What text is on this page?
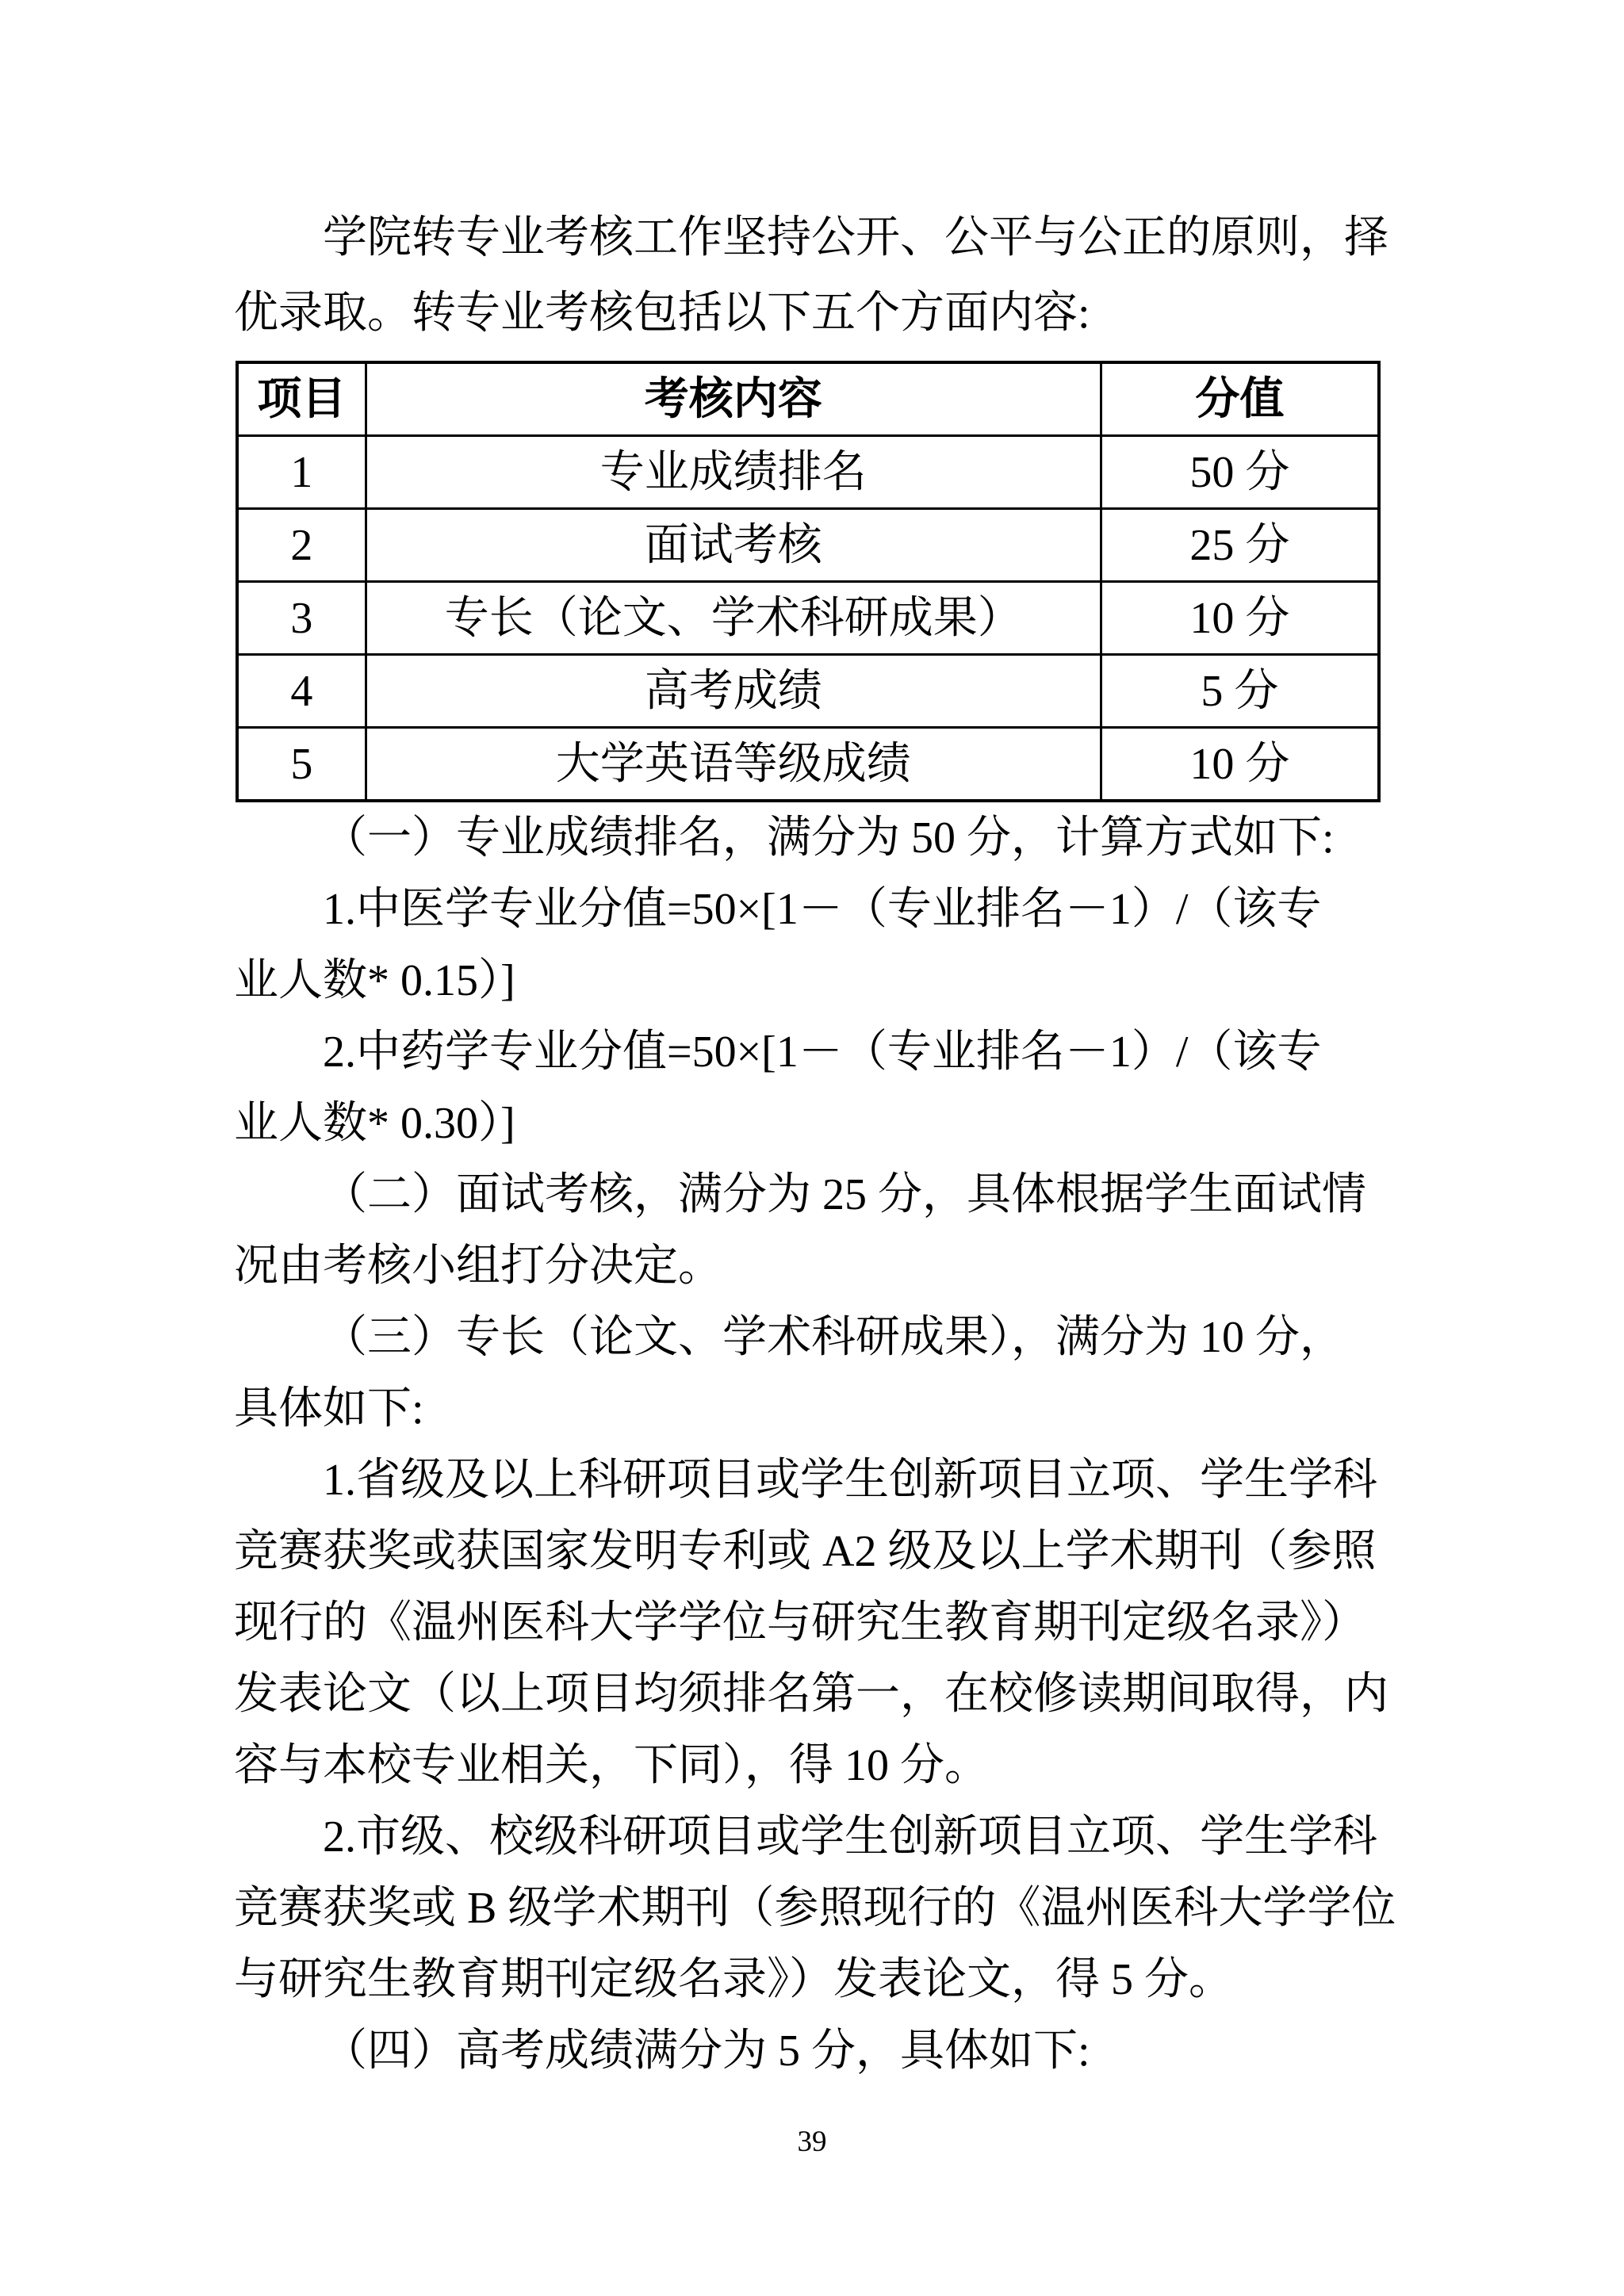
学院转专业考核工作坚持公开、公平与公正的原则，择
优录取。转专业考核包括以下五个方面内容:
项目	考核内容	分值
1	专业成绩排名	50 分
2	面试考核	25 分
3	专长（论文、学术科研成果）	10 分
4	高考成绩	5 分
5	大学英语等级成绩	10 分
（一）专业成绩排名，满分为 50 分，计算方式如下:
1.中医学专业分值=50×[1－（专业排名－1）/（该专
业人数* 0.15）]
2.中药学专业分值=50×[1－（专业排名－1）/（该专
业人数* 0.30）]
（二）面试考核，满分为 25 分，具体根据学生面试情
况由考核小组打分决定。
（三）专长（论文、学术科研成果），满分为 10 分，
具体如下:
1.省级及以上科研项目或学生创新项目立项、学生学科
竞赛获奖或获国家发明专利或 A2 级及以上学术期刊（参照
现行的《温州医科大学学位与研究生教育期刊定级名录》）
发表论文（以上项目均须排名第一，在校修读期间取得，内
容与本校专业相关，下同），得 10 分。
2.市级、校级科研项目或学生创新项目立项、学生学科
竞赛获奖或 B 级学术期刊（参照现行的《温州医科大学学位
与研究生教育期刊定级名录》）发表论文，得 5 分。
（四）高考成绩满分为 5 分，具体如下:
39
